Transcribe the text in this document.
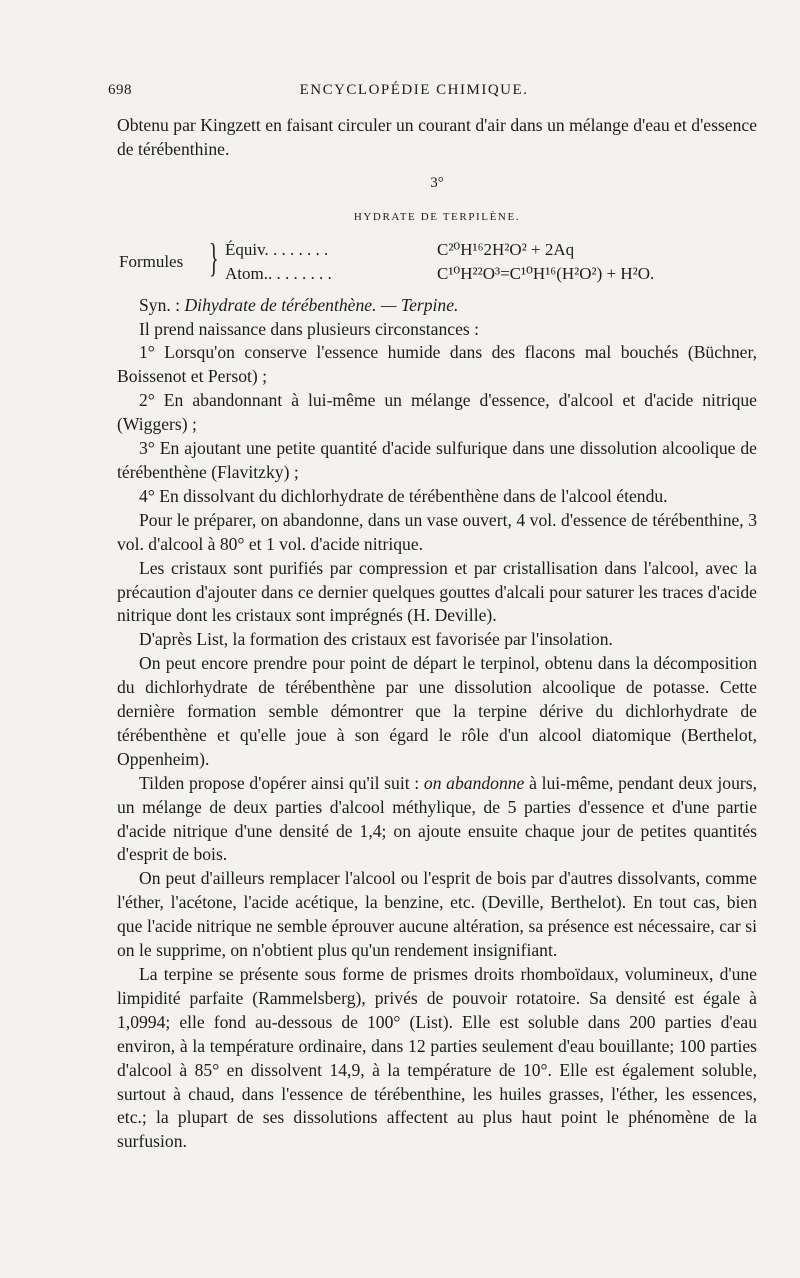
698	ENCYCLOPÉDIE CHIMIQUE.

Obtenu par Kingzett en faisant circuler un courant d'air dans un mélange d'eau et d'essence de térébenthine.

3°
HYDRATE DE TERPILÈNE.
Formules } Équiv. . . . . . . .	C²⁰H¹⁶2H²O² + 2Aq
Atom.. . . . . . . .	C¹⁰H²²O³=C¹⁰H¹⁶(H²O²) + H²O.

Syn. : Dihydrate de térébenthène. — Terpine.

Il prend naissance dans plusieurs circonstances :

1° Lorsqu'on conserve l'essence humide dans des flacons mal bouchés (Büchner, Boissenot et Persot) ;

2° En abandonnant à lui-même un mélange d'essence, d'alcool et d'acide nitrique (Wiggers) ;

3° En ajoutant une petite quantité d'acide sulfurique dans une dissolution alcoolique de térébenthène (Flavitzky) ;

4° En dissolvant du dichlorhydrate de térébenthène dans de l'alcool étendu.

Pour le préparer, on abandonne, dans un vase ouvert, 4 vol. d'essence de térébenthine, 3 vol. d'alcool à 80° et 1 vol. d'acide nitrique.

Les cristaux sont purifiés par compression et par cristallisation dans l'alcool, avec la précaution d'ajouter dans ce dernier quelques gouttes d'alcali pour saturer les traces d'acide nitrique dont les cristaux sont imprégnés (H. Deville).

D'après List, la formation des cristaux est favorisée par l'insolation.

On peut encore prendre pour point de départ le terpinol, obtenu dans la décomposition du dichlorhydrate de térébenthène par une dissolution alcoolique de potasse. Cette dernière formation semble démontrer que la terpine dérive du dichlorhydrate de térébenthène et qu'elle joue à son égard le rôle d'un alcool diatomique (Berthelot, Oppenheim).

Tilden propose d'opérer ainsi qu'il suit : on abandonne à lui-même, pendant deux jours, un mélange de deux parties d'alcool méthylique, de 5 parties d'essence et d'une partie d'acide nitrique d'une densité de 1,4; on ajoute ensuite chaque jour de petites quantités d'esprit de bois.

On peut d'ailleurs remplacer l'alcool ou l'esprit de bois par d'autres dissolvants, comme l'éther, l'acétone, l'acide acétique, la benzine, etc. (Deville, Berthelot). En tout cas, bien que l'acide nitrique ne semble éprouver aucune altération, sa présence est nécessaire, car si on le supprime, on n'obtient plus qu'un rendement insignifiant.

La terpine se présente sous forme de prismes droits rhomboïdaux, volumineux, d'une limpidité parfaite (Rammelsberg), privés de pouvoir rotatoire. Sa densité est égale à 1,0994; elle fond au-dessous de 100° (List). Elle est soluble dans 200 parties d'eau environ, à la température ordinaire, dans 12 parties seulement d'eau bouillante; 100 parties d'alcool à 85° en dissolvent 14,9, à la température de 10°. Elle est également soluble, surtout à chaud, dans l'essence de térébenthine, les huiles grasses, l'éther, les essences, etc.; la plupart de ses dissolutions affectent au plus haut point le phénomène de la surfusion.
